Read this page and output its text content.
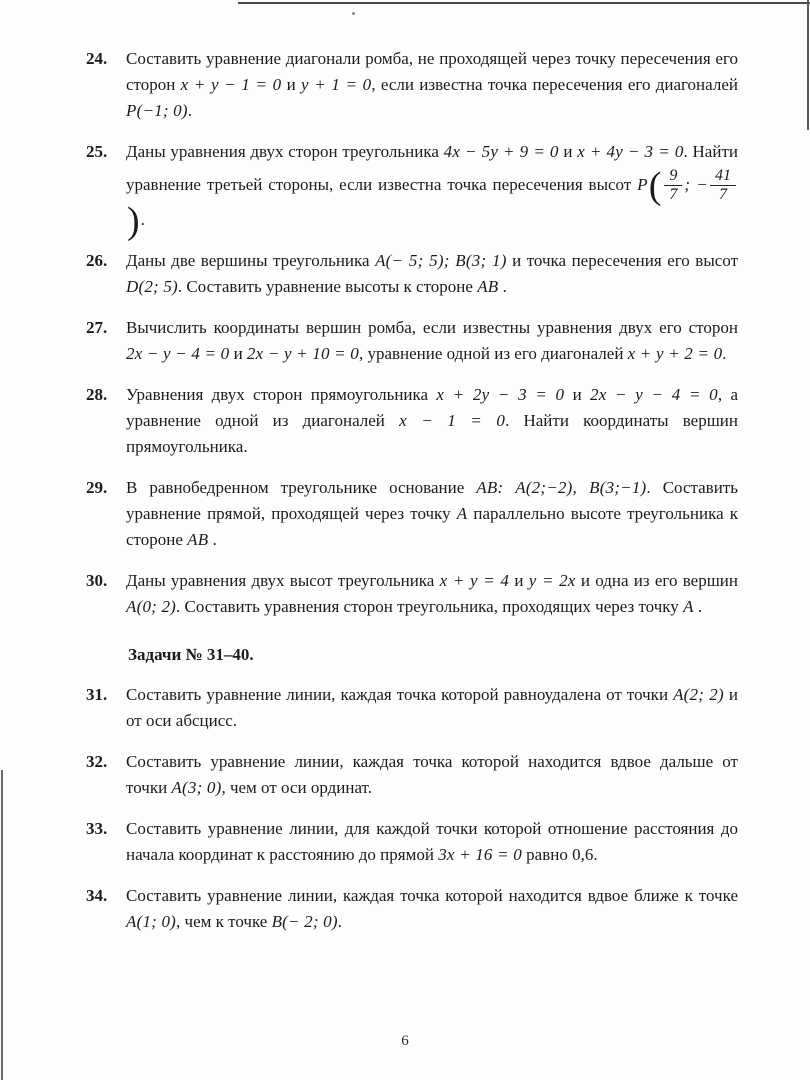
24.	Составить уравнение диагонали ромба, не проходящей через точку пересечения его сторон x + y − 1 = 0 и y + 1 = 0, если известна точка пересечения его диагоналей P(−1; 0).
25.	Даны уравнения двух сторон треугольника 4x − 5y + 9 = 0 и x + 4y − 3 = 0. Найти уравнение третьей стороны, если известна точка пересечения высот $P( \frac{9}{7}$ ; − $\frac{41}{7}$
).
26.	Даны две вершины треугольника A(− 5; 5); B(3; 1) и точка пересечения его высот D(2; 5). Составить уравнение высоты к стороне AB .
27.	Вычислить координаты вершин ромба, если известны уравнения двух его сторон 2x − y − 4 = 0 и 2x − y + 10 = 0, уравнение одной из его диагоналей x + y + 2 = 0.
28.	Уравнения двух сторон прямоугольника x + 2y − 3 = 0 и 2x − y − 4 = 0, а уравнение одной из диагоналей x − 1 = 0. Найти координаты вершин прямоугольника.
29.	В равнобедренном треугольнике основание AB: A(2;−2), B(3;−1). Составить уравнение прямой, проходящей через точку A параллельно высоте треугольника к стороне AB .
30.	Даны уравнения двух высот треугольника x + y = 4 и y = 2x и одна из его вершин A(0; 2). Составить уравнения сторон треугольника, проходящих через точку A .
Задачи № 31–40.
31.	Составить уравнение линии, каждая точка которой равноудалена от точки A(2; 2) и от оси абсцисс.
32.	Составить уравнение линии, каждая точка которой находится вдвое дальше от точки A(3; 0), чем от оси ординат.
33.	Составить уравнение линии, для каждой точки которой отношение расстояния до начала координат к расстоянию до прямой 3x + 16 = 0 равно 0,6.
34.	Составить уравнение линии, каждая точка которой находится вдвое ближе к точке A(1; 0), чем к точке B(− 2; 0).
6
